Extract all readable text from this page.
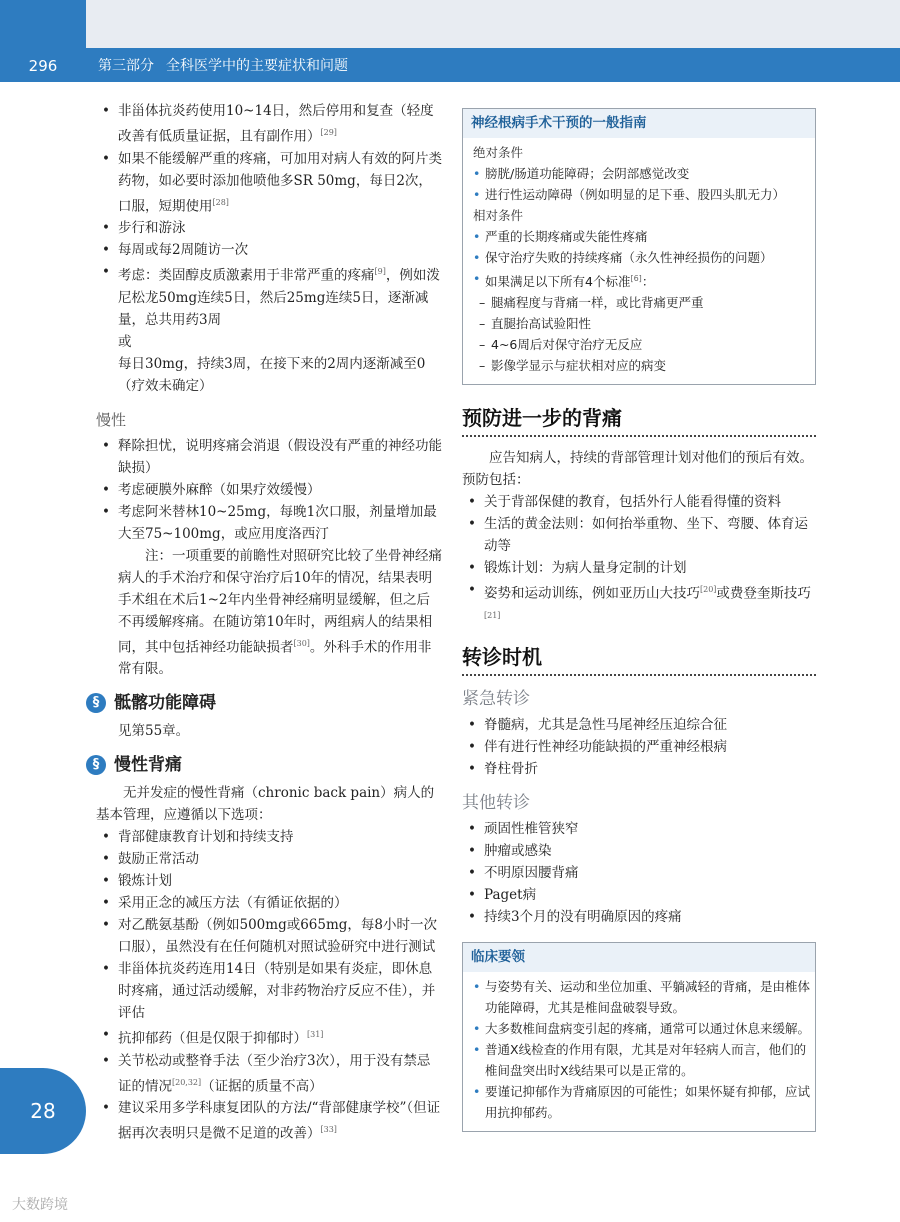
296	第三部分 全科医学中的主要症状和问题
• 非甾体抗炎药使用10~14日，然后停用和复查（轻度改善有低质量证据，且有副作用）[29]
• 如果不能缓解严重的疼痛，可加用对病人有效的阿片类药物，如必要时添加他喷他多SR 50mg，每日2次，口服，短期使用[28]
• 步行和游泳
• 每周或每2周随访一次
• 考虑：类固醇皮质激素用于非常严重的疼痛[9]，例如泼尼松龙50mg连续5日，然后25mg连续5日，逐渐减量，总共用药3周
或
每日30mg，持续3周，在接下来的2周内逐渐减至0（疗效未确定）
慢性
• 释除担忧，说明疼痛会消退（假设没有严重的神经功能缺损）
• 考虑硬膜外麻醉（如果疗效缓慢）
• 考虑阿米替林10~25mg，每晚1次口服，剂量增加最大至75~100mg，或应用度洛西汀
注：一项重要的前瞻性对照研究比较了坐骨神经痛病人的手术治疗和保守治疗后10年的情况，结果表明手术组在术后1~2年内坐骨神经痛明显缓解，但之后不再缓解疼痛。在随访第10年时，两组病人的结果相同，其中包括神经功能缺损者[30]。外科手术的作用非常有限。
§ 骶髂功能障碍
见第55章。
§ 慢性背痛
无并发症的慢性背痛（chronic back pain）病人的基本管理，应遵循以下选项：
• 背部健康教育计划和持续支持
• 鼓励正常活动
• 锻炼计划
• 采用正念的减压方法（有循证依据的）
• 对乙酰氨基酚（例如500mg或665mg，每8小时一次口服），虽然没有在任何随机对照试验研究中进行测试
• 非甾体抗炎药连用14日（特别是如果有炎症，即休息时疼痛，通过活动缓解，对非药物治疗反应不佳），并评估
• 抗抑郁药（但是仅限于抑郁时）[31]
• 关节松动或整脊手法（至少治疗3次），用于没有禁忌证的情况[20,32]（证据的质量不高）
• 建议采用多学科康复团队的方法/“背部健康学校”（但证据再次表明只是微不足道的改善）[33]
神经根病手术干预的一般指南
绝对条件
• 膀胱/肠道功能障碍；会阴部感觉改变
• 进行性运动障碍（例如明显的足下垂、股四头肌无力）
相对条件
• 严重的长期疼痛或失能性疼痛
• 保守治疗失败的持续疼痛（永久性神经损伤的问题）
• 如果满足以下所有4个标准[6]：
– 腿痛程度与背痛一样，或比背痛更严重
– 直腿抬高试验阳性
– 4~6周后对保守治疗无反应
– 影像学显示与症状相对应的病变
预防进一步的背痛
应告知病人，持续的背部管理计划对他们的预后有效。预防包括：
• 关于背部保健的教育，包括外行人能看得懂的资料
• 生活的黄金法则：如何抬举重物、坐下、弯腰、体育运动等
• 锻炼计划：为病人量身定制的计划
• 姿势和运动训练，例如亚历山大技巧[20]或费登奎斯技巧[21]
转诊时机
紧急转诊
• 脊髓病，尤其是急性马尾神经压迫综合征
• 伴有进行性神经功能缺损的严重神经根病
• 脊柱骨折
其他转诊
• 顽固性椎管狭窄
• 肿瘤或感染
• 不明原因腰背痛
• Paget病
• 持续3个月的没有明确原因的疼痛
临床要领
• 与姿势有关、运动和坐位加重、平躺减轻的背痛，是由椎体功能障碍，尤其是椎间盘破裂导致。
• 大多数椎间盘病变引起的疼痛，通常可以通过休息来缓解。
• 普通X线检查的作用有限，尤其是对年轻病人而言，他们的椎间盘突出时X线结果可以是正常的。
• 要谨记抑郁作为背痛原因的可能性；如果怀疑有抑郁，应试用抗抑郁药。
28
大数跨境
